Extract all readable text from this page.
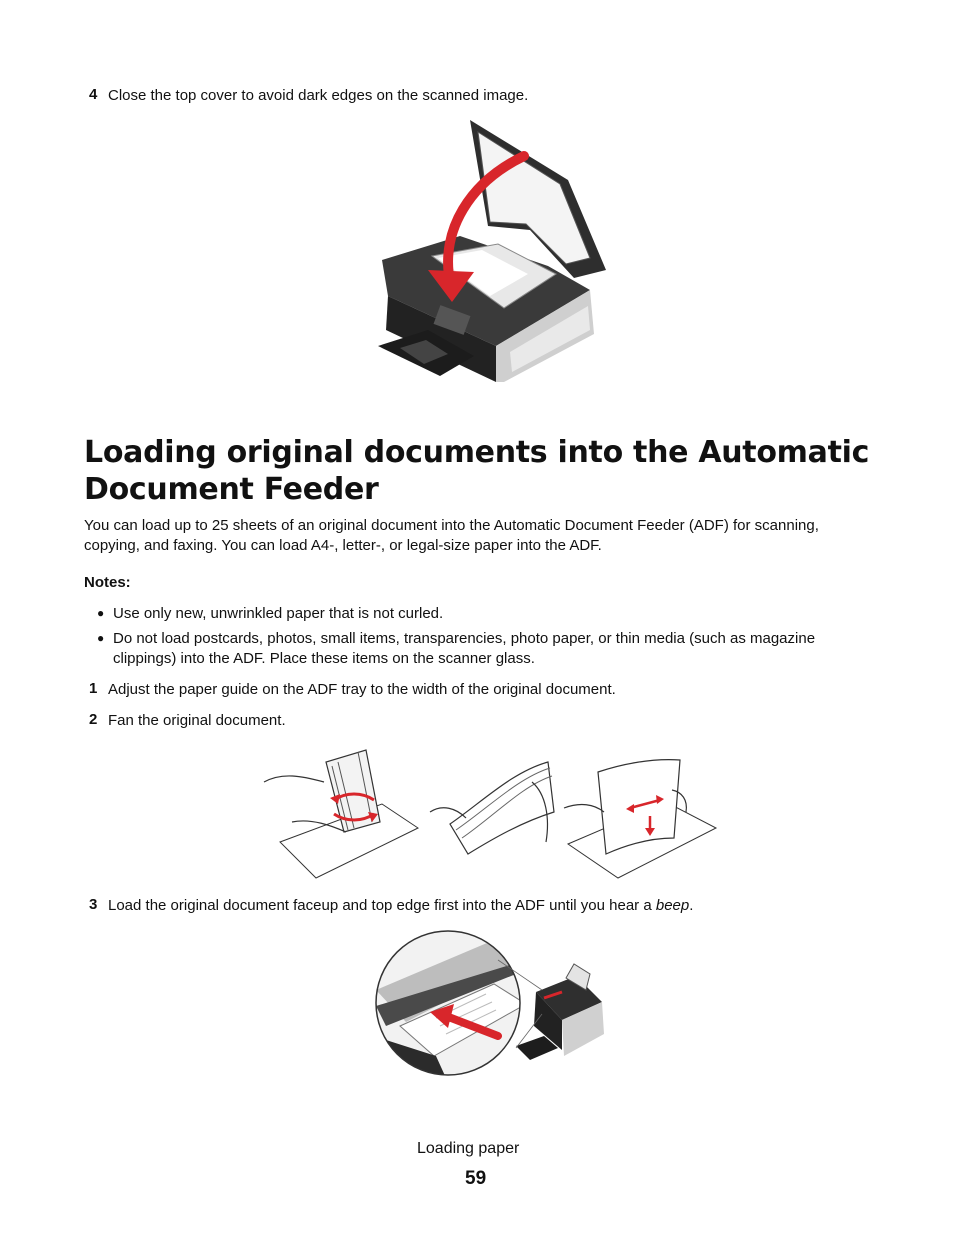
4 Close the top cover to avoid dark edges on the scanned image.
Loading original documents into the Automatic
Document Feeder
You can load up to 25 sheets of an original document into the Automatic Document Feeder (ADF) for scanning,
copying, and faxing. You can load A4-, letter-, or legal-size paper into the ADF.
Notes:
● Use only new, unwrinkled paper that is not curled.
● Do not load postcards, photos, small items, transparencies, photo paper, or thin media (such as magazine
clippings) into the ADF. Place these items on the scanner glass.
1 Adjust the paper guide on the ADF tray to the width of the original document.
2 Fan the original document.
3 Load the original document faceup and top edge first into the ADF until you hear a beep.
Loading paper
59
